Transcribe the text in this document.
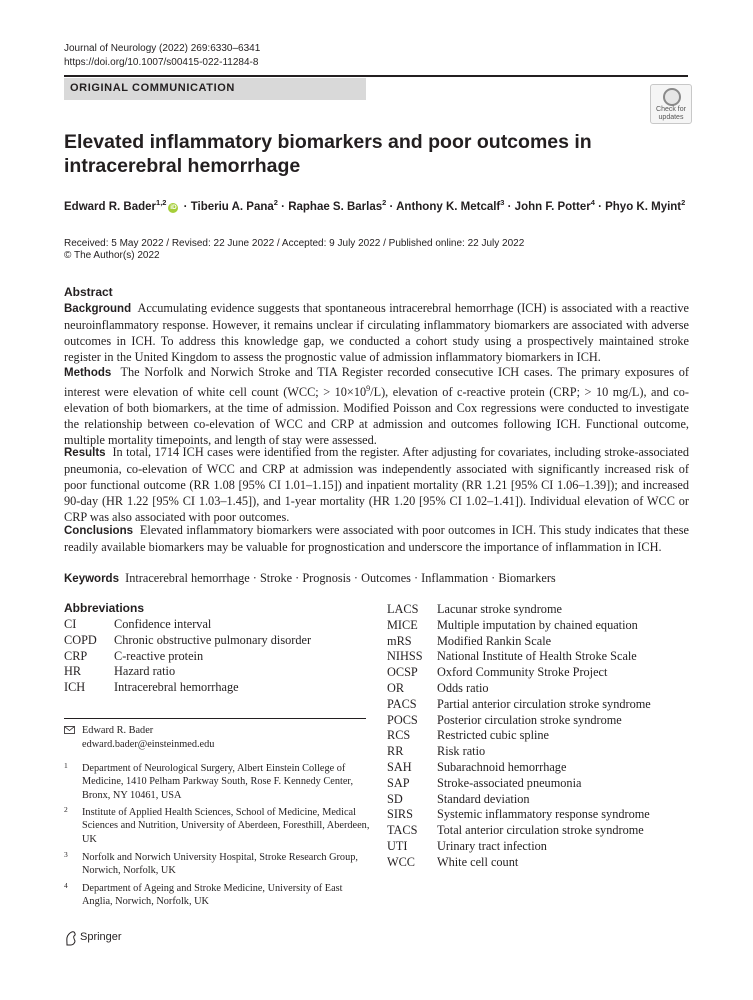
Journal of Neurology (2022) 269:6330–6341
https://doi.org/10.1007/s00415-022-11284-8
ORIGINAL COMMUNICATION
Check for
updates
Elevated inflammatory biomarkers and poor outcomes in intracerebral hemorrhage
Edward R. Bader$^{1,2}$iD · Tiberiu A. Pana$^2$ · Raphae S. Barlas$^2$ · Anthony K. Metcalf$^3$ · John F. Potter$^4$ · Phyo K. Myint$^2$
Received: 5 May 2022 / Revised: 22 June 2022 / Accepted: 9 July 2022 / Published online: 22 July 2022
© The Author(s) 2022
Abstract
Background Accumulating evidence suggests that spontaneous intracerebral hemorrhage (ICH) is associated with a reactive neuroinflammatory response. However, it remains unclear if circulating inflammatory biomarkers are associated with adverse outcomes in ICH. To address this knowledge gap, we conducted a cohort study using a prospectively maintained stroke register in the United Kingdom to assess the prognostic value of admission inflammatory biomarkers in ICH.
Methods The Norfolk and Norwich Stroke and TIA Register recorded consecutive ICH cases. The primary exposures of interest were elevation of white cell count (WCC; > $10\times 10^9/L$), elevation of c-reactive protein (CRP; > 10 mg/L), and co-elevation of both biomarkers, at the time of admission. Modified Poisson and Cox regressions were conducted to investigate the relationship between co-elevation of WCC and CRP at admission and outcomes following ICH. Functional outcome, multiple mortality timepoints, and length of stay were assessed.
Results In total, 1714 ICH cases were identified from the register. After adjusting for covariates, including stroke-associated pneumonia, co-elevation of WCC and CRP at admission was independently associated with significantly increased risk of poor functional outcome (RR 1.08 [95% CI 1.01–1.15]) and inpatient mortality (RR 1.21 [95% CI 1.06–1.39]); and increased 90-day (HR 1.22 [95% CI 1.03–1.45]), and 1-year mortality (HR 1.20 [95% CI 1.02–1.41]). Individual elevation of WCC or CRP was also associated with poor outcomes.
Conclusions Elevated inflammatory biomarkers were associated with poor outcomes in ICH. This study indicates that these readily available biomarkers may be valuable for prognostication and underscore the importance of inflammation in ICH.
Keywords Intracerebral hemorrhage · Stroke · Prognosis · Outcomes · Inflammation · Biomarkers
Abbreviations
CI	Confidence interval
COPD Chronic obstructive pulmonary disorder
CRP C-reactive protein
HR	Hazard ratio
ICH Intracerebral hemorrhage
LACS Lacunar stroke syndrome
MICE Multiple imputation by chained equation
mRS Modified Rankin Scale
NIHSS National Institute of Health Stroke Scale
OCSP Oxford Community Stroke Project
OR	Odds ratio
PACS Partial anterior circulation stroke syndrome
POCS Posterior circulation stroke syndrome
RCS Restricted cubic spline
RR	Risk ratio
SAH Subarachnoid hemorrhage
SAP Stroke-associated pneumonia
SD	Standard deviation
SIRS Systemic inflammatory response syndrome
TACS Total anterior circulation stroke syndrome
UTI Urinary tract infection
WCC White cell count
Edward R. Bader
edward.bader@einsteinmed.edu
1 Department of Neurological Surgery, Albert Einstein College of Medicine, 1410 Pelham Parkway South, Rose F. Kennedy Center, Bronx, NY 10461, USA
2 Institute of Applied Health Sciences, School of Medicine, Medical Sciences and Nutrition, University of Aberdeen, Foresthill, Aberdeen, UK
3 Norfolk and Norwich University Hospital, Stroke Research Group, Norwich, Norfolk, UK
4 Department of Ageing and Stroke Medicine, University of East Anglia, Norwich, Norfolk, UK
Springer
